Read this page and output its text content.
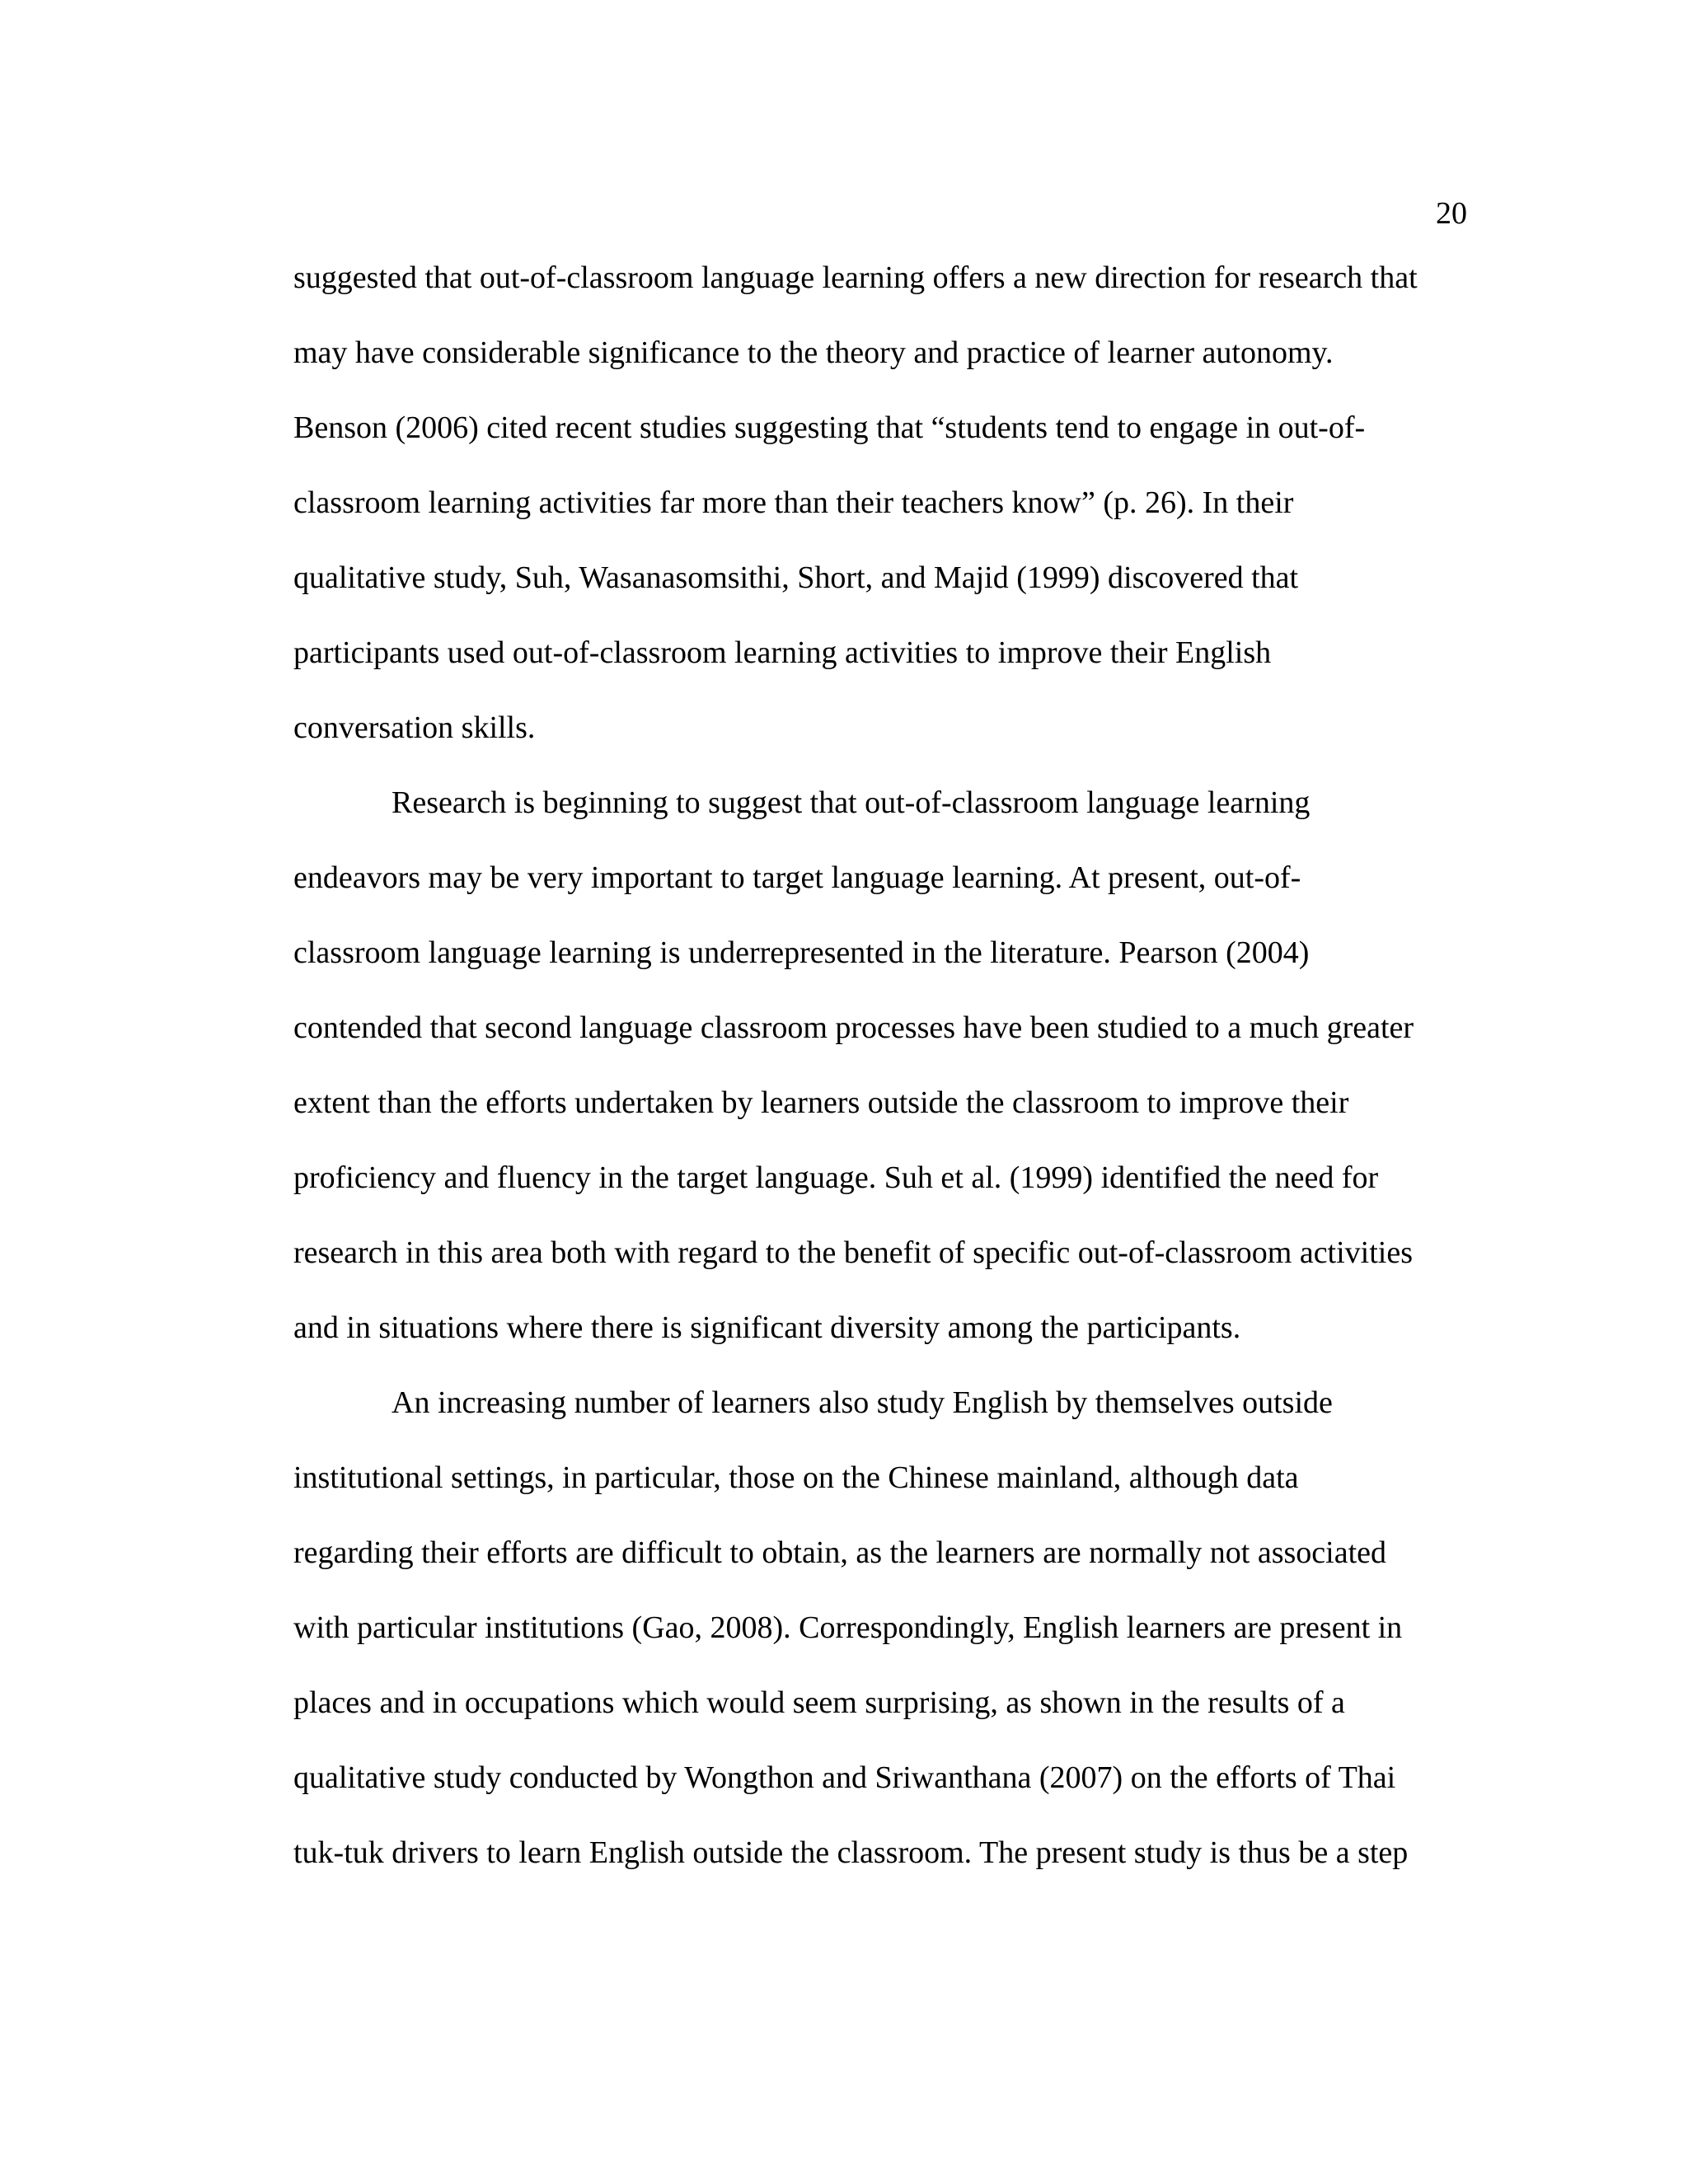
20
suggested that out-of-classroom language learning offers a new direction for research that
may have considerable significance to the theory and practice of learner autonomy.
Benson (2006) cited recent studies suggesting that “students tend to engage in out-of-
classroom learning activities far more than their teachers know” (p. 26). In their
qualitative study, Suh, Wasanasomsithi, Short, and Majid (1999) discovered that
participants used out-of-classroom learning activities to improve their English
conversation skills.
Research is beginning to suggest that out-of-classroom language learning
endeavors may be very important to target language learning. At present, out-of-
classroom language learning is underrepresented in the literature. Pearson (2004)
contended that second language classroom processes have been studied to a much greater
extent than the efforts undertaken by learners outside the classroom to improve their
proficiency and fluency in the target language. Suh et al. (1999) identified the need for
research in this area both with regard to the benefit of specific out-of-classroom activities
and in situations where there is significant diversity among the participants.
An increasing number of learners also study English by themselves outside
institutional settings, in particular, those on the Chinese mainland, although data
regarding their efforts are difficult to obtain, as the learners are normally not associated
with particular institutions (Gao, 2008). Correspondingly, English learners are present in
places and in occupations which would seem surprising, as shown in the results of a
qualitative study conducted by Wongthon and Sriwanthana (2007) on the efforts of Thai
tuk-tuk drivers to learn English outside the classroom. The present study is thus be a step
